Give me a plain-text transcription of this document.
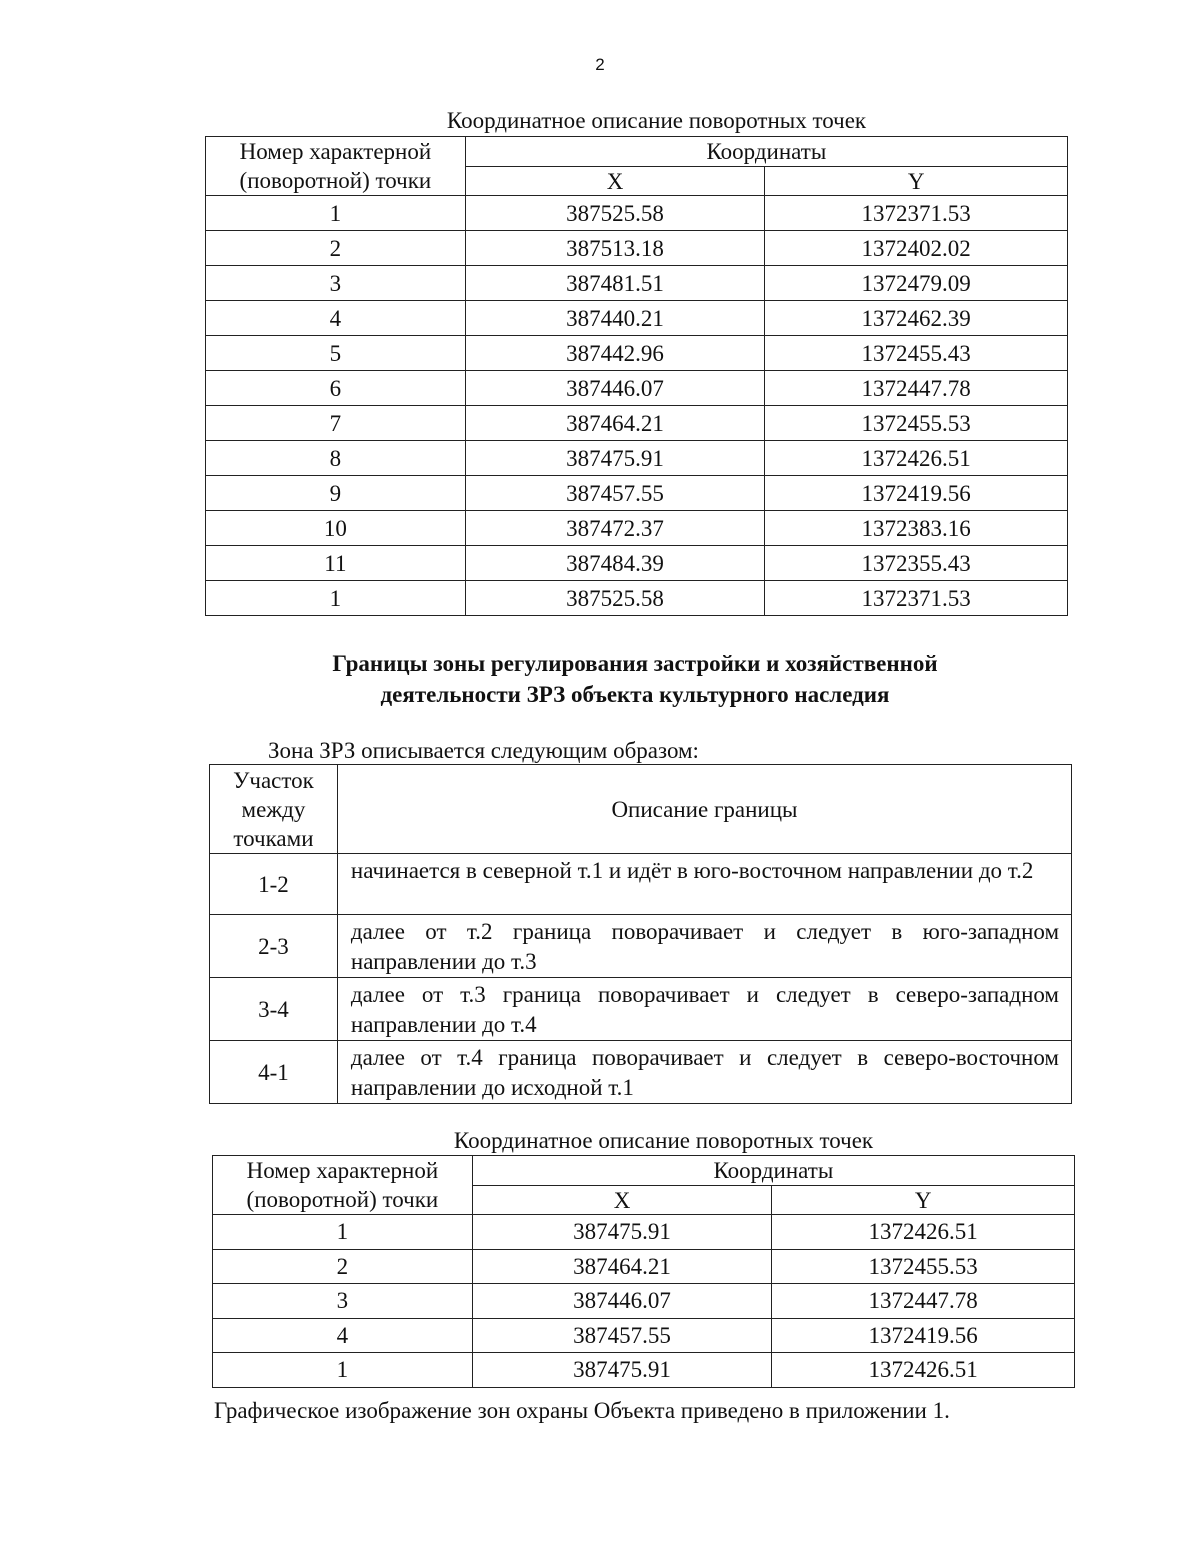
2
Координатное описание поворотных точек
Номер характерной
(поворотной) точки	Координаты	
	X	Y
1	387525.58	1372371.53
2	387513.18	1372402.02
3	387481.51	1372479.09
4	387440.21	1372462.39
5	387442.96	1372455.43
6	387446.07	1372447.78
7	387464.21	1372455.53
8	387475.91	1372426.51
9	387457.55	1372419.56
10	387472.37	1372383.16
11	387484.39	1372355.43
1	387525.58	1372371.53
Границы зоны регулирования застройки и хозяйственной
деятельности ЗРЗ объекта культурного наследия
Зона ЗРЗ описывается следующим образом:
Участок
между
точками	Описание границы
1-2	начинается в северной т.1 и идёт в юго-восточном направлении до т.2
2-3	далее от т.2 граница поворачивает и следует в юго-западном направлении до т.3
3-4	далее от т.3 граница поворачивает и следует в северо-западном направлении до т.4
4-1	далее от т.4 граница поворачивает и следует в северо-восточном направлении до исходной т.1
Координатное описание поворотных точек
Номер характерной
(поворотной) точки	Координаты	
	X	Y
1	387475.91	1372426.51
2	387464.21	1372455.53
3	387446.07	1372447.78
4	387457.55	1372419.56
1	387475.91	1372426.51
Графическое изображение зон охраны Объекта приведено в приложении 1.
